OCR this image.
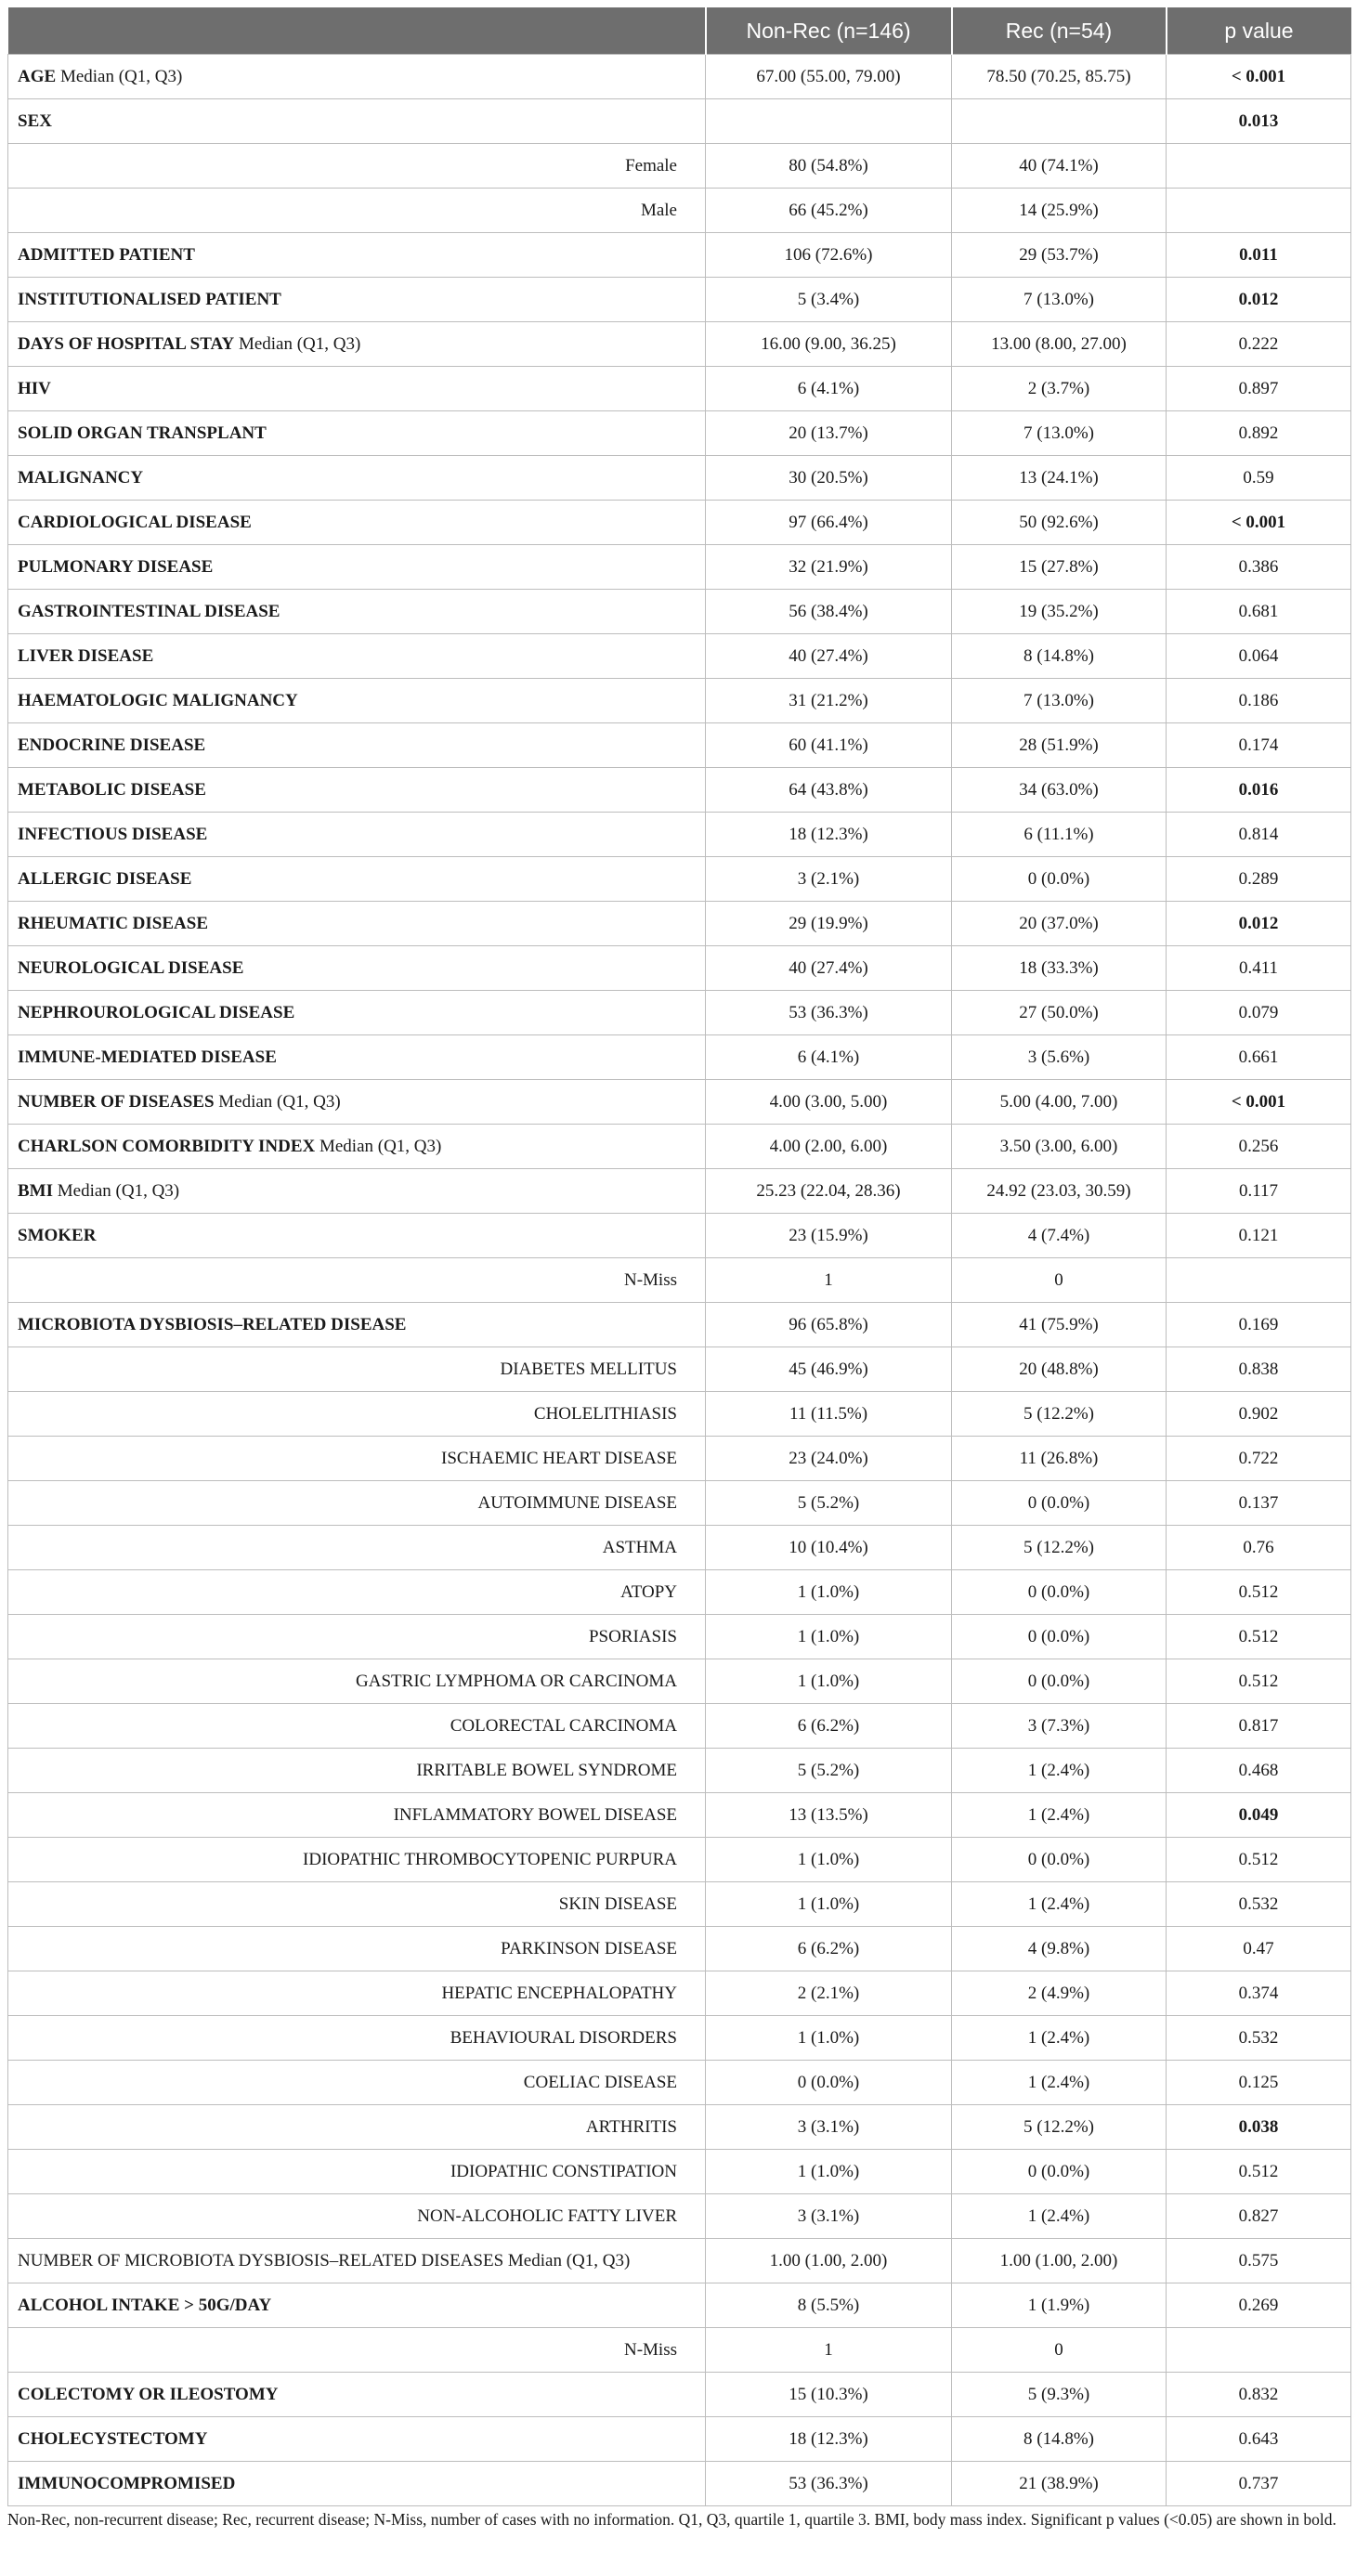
	Non-Rec (n=146)	Rec (n=54)	p value
AGE Median (Q1, Q3)	67.00 (55.00, 79.00)	78.50 (70.25, 85.75)	< 0.001
SEX			0.013
Female	80 (54.8%)	40 (74.1%)	
Male	66 (45.2%)	14 (25.9%)	
ADMITTED PATIENT	106 (72.6%)	29 (53.7%)	0.011
INSTITUTIONALISED PATIENT	5 (3.4%)	7 (13.0%)	0.012
DAYS OF HOSPITAL STAY Median (Q1, Q3)	16.00 (9.00, 36.25)	13.00 (8.00, 27.00)	0.222
HIV	6 (4.1%)	2 (3.7%)	0.897
SOLID ORGAN TRANSPLANT	20 (13.7%)	7 (13.0%)	0.892
MALIGNANCY	30 (20.5%)	13 (24.1%)	0.59
CARDIOLOGICAL DISEASE	97 (66.4%)	50 (92.6%)	< 0.001
PULMONARY DISEASE	32 (21.9%)	15 (27.8%)	0.386
GASTROINTESTINAL DISEASE	56 (38.4%)	19 (35.2%)	0.681
LIVER DISEASE	40 (27.4%)	8 (14.8%)	0.064
HAEMATOLOGIC MALIGNANCY	31 (21.2%)	7 (13.0%)	0.186
ENDOCRINE DISEASE	60 (41.1%)	28 (51.9%)	0.174
METABOLIC DISEASE	64 (43.8%)	34 (63.0%)	0.016
INFECTIOUS DISEASE	18 (12.3%)	6 (11.1%)	0.814
ALLERGIC DISEASE	3 (2.1%)	0 (0.0%)	0.289
RHEUMATIC DISEASE	29 (19.9%)	20 (37.0%)	0.012
NEUROLOGICAL DISEASE	40 (27.4%)	18 (33.3%)	0.411
NEPHROUROLOGICAL DISEASE	53 (36.3%)	27 (50.0%)	0.079
IMMUNE-MEDIATED DISEASE	6 (4.1%)	3 (5.6%)	0.661
NUMBER OF DISEASES Median (Q1, Q3)	4.00 (3.00, 5.00)	5.00 (4.00, 7.00)	< 0.001
CHARLSON COMORBIDITY INDEX Median (Q1, Q3)	4.00 (2.00, 6.00)	3.50 (3.00, 6.00)	0.256
BMI Median (Q1, Q3)	25.23 (22.04, 28.36)	24.92 (23.03, 30.59)	0.117
SMOKER	23 (15.9%)	4 (7.4%)	0.121
N-Miss	1	0	
MICROBIOTA DYSBIOSIS–RELATED DISEASE	96 (65.8%)	41 (75.9%)	0.169
DIABETES MELLITUS	45 (46.9%)	20 (48.8%)	0.838
CHOLELITHIASIS	11 (11.5%)	5 (12.2%)	0.902
ISCHAEMIC HEART DISEASE	23 (24.0%)	11 (26.8%)	0.722
AUTOIMMUNE DISEASE	5 (5.2%)	0 (0.0%)	0.137
ASTHMA	10 (10.4%)	5 (12.2%)	0.76
ATOPY	1 (1.0%)	0 (0.0%)	0.512
PSORIASIS	1 (1.0%)	0 (0.0%)	0.512
GASTRIC LYMPHOMA OR CARCINOMA	1 (1.0%)	0 (0.0%)	0.512
COLORECTAL CARCINOMA	6 (6.2%)	3 (7.3%)	0.817
IRRITABLE BOWEL SYNDROME	5 (5.2%)	1 (2.4%)	0.468
INFLAMMATORY BOWEL DISEASE	13 (13.5%)	1 (2.4%)	0.049
IDIOPATHIC THROMBOCYTOPENIC PURPURA	1 (1.0%)	0 (0.0%)	0.512
SKIN DISEASE	1 (1.0%)	1 (2.4%)	0.532
PARKINSON DISEASE	6 (6.2%)	4 (9.8%)	0.47
HEPATIC ENCEPHALOPATHY	2 (2.1%)	2 (4.9%)	0.374
BEHAVIOURAL DISORDERS	1 (1.0%)	1 (2.4%)	0.532
COELIAC DISEASE	0 (0.0%)	1 (2.4%)	0.125
ARTHRITIS	3 (3.1%)	5 (12.2%)	0.038
IDIOPATHIC CONSTIPATION	1 (1.0%)	0 (0.0%)	0.512
NON-ALCOHOLIC FATTY LIVER	3 (3.1%)	1 (2.4%)	0.827
NUMBER OF MICROBIOTA DYSBIOSIS–RELATED DISEASES Median (Q1, Q3)	1.00 (1.00, 2.00)	1.00 (1.00, 2.00)	0.575
ALCOHOL INTAKE > 50G/DAY	8 (5.5%)	1 (1.9%)	0.269
N-Miss	1	0	
COLECTOMY OR ILEOSTOMY	15 (10.3%)	5 (9.3%)	0.832
CHOLECYSTECTOMY	18 (12.3%)	8 (14.8%)	0.643
IMMUNOCOMPROMISED	53 (36.3%)	21 (38.9%)	0.737
Non-Rec, non-recurrent disease; Rec, recurrent disease; N-Miss, number of cases with no information. Q1, Q3, quartile 1, quartile 3. BMI, body mass index. Significant p values (<0.05) are shown in bold.
